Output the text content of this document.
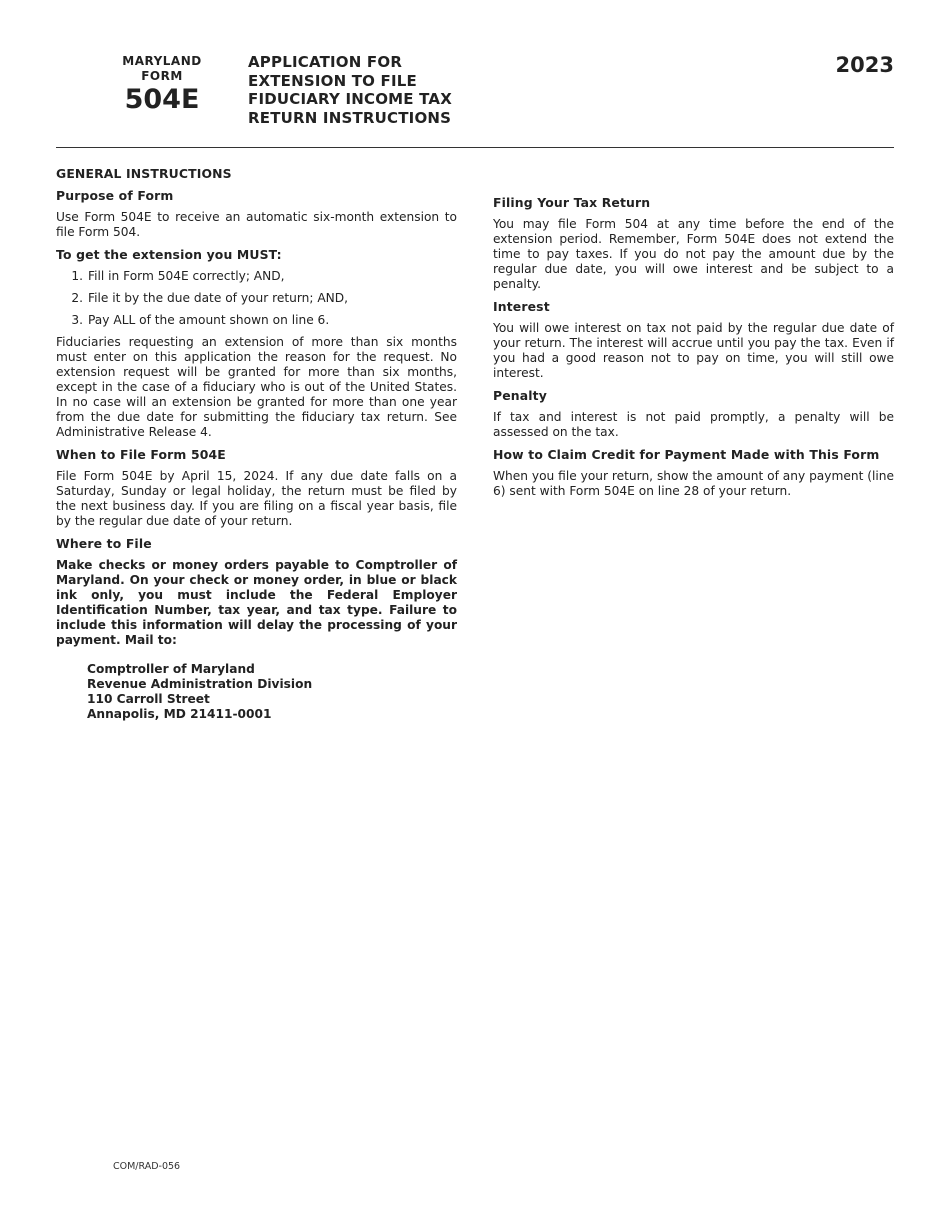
MARYLAND
FORM
504E
APPLICATION FOR
EXTENSION TO FILE
FIDUCIARY INCOME TAX
RETURN INSTRUCTIONS
2023
GENERAL INSTRUCTIONS
Purpose of Form
Use Form 504E to receive an automatic six-month extension to file Form 504.
To get the extension you MUST:
1. Fill in Form 504E correctly; AND,
2. File it by the due date of your return; AND,
3. Pay ALL of the amount shown on line 6.
Fiduciaries requesting an extension of more than six months must enter on this application the reason for the request. No extension request will be granted for more than six months, except in the case of a fiduciary who is out of the United States. In no case will an extension be granted for more than one year from the due date for submitting the fiduciary tax return. See Administrative Release 4.
When to File Form 504E
File Form 504E by April 15, 2024. If any due date falls on a Saturday, Sunday or legal holiday, the return must be filed by the next business day. If you are filing on a fiscal year basis, file by the regular due date of your return.
Where to File
Make checks or money orders payable to Comptroller of Maryland. On your check or money order, in blue or black ink only, you must include the Federal Employer Identification Number, tax year, and tax type. Failure to include this information will delay the processing of your payment. Mail to:
Comptroller of Maryland
Revenue Administration Division
110 Carroll Street
Annapolis, MD 21411-0001
Filing Your Tax Return
You may file Form 504 at any time before the end of the extension period. Remember, Form 504E does not extend the time to pay taxes. If you do not pay the amount due by the regular due date, you will owe interest and be subject to a penalty.
Interest
You will owe interest on tax not paid by the regular due date of your return. The interest will accrue until you pay the tax. Even if you had a good reason not to pay on time, you will still owe interest.
Penalty
If tax and interest is not paid promptly, a penalty will be assessed on the tax.
How to Claim Credit for Payment Made with This Form
When you file your return, show the amount of any payment (line 6) sent with Form 504E on line 28 of your return.
COM/RAD-056
